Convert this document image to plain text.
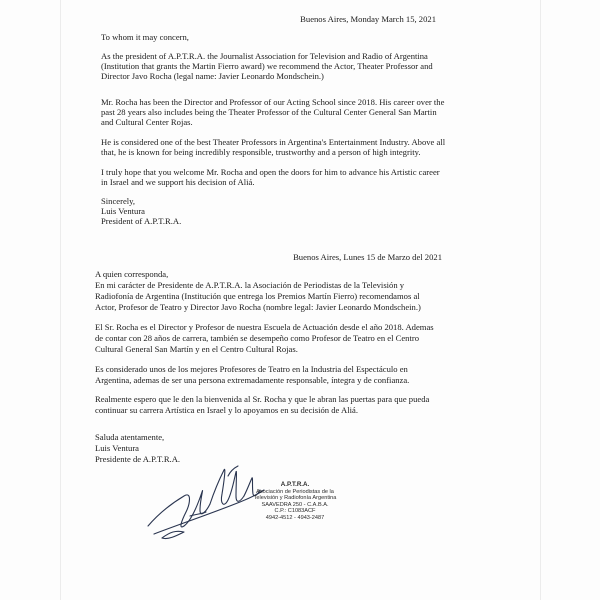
Buenos Aires, Monday March 15, 2021
To whom it may concern,
As the president of A.P.T.R.A. the Journalist Association for Television and Radio of Argentina
(Institution that grants the Martin Fierro award) we recommend the Actor, Theater Professor and
Director Javo Rocha (legal name: Javier Leonardo Mondschein.)
Mr. Rocha has been the Director and Professor of our Acting School since 2018. His career over the
past 28 years also includes being the Theater Professor of the Cultural Center General San Martin
and Cultural Center Rojas.
He is considered one of the best Theater Professors in Argentina's Entertainment Industry. Above all
that, he is known for being incredibly responsible, trustworthy and a person of high integrity.
I truly hope that you welcome Mr. Rocha and open the doors for him to advance his Artistic career
in Israel and we support his decision of Aliá.
Sincerely,
Luis Ventura
President of A.P.T.R.A.
Buenos Aires, Lunes 15 de Marzo del 2021
A quien corresponda,
En mi carácter de Presidente de A.P.T.R.A. la Asociación de Periodistas de la Televisión y
Radiofonía de Argentina (Institución que entrega los Premios Martín Fierro) recomendamos al
Actor, Profesor de Teatro y Director Javo Rocha (nombre legal: Javier Leonardo Mondschein.)
El Sr. Rocha es el Director y Profesor de nuestra Escuela de Actuación desde el año 2018. Ademas
de contar con 28 años de carrera, también se desempeño como Profesor de Teatro en el Centro
Cultural General San Martín y en el Centro Cultural Rojas.
Es considerado unos de los mejores Profesores de Teatro en la Industria del Espectáculo en
Argentina, ademas de ser una persona extremadamente responsable, íntegra y de confianza.
Realmente espero que le den la bienvenida al Sr. Rocha y que le abran las puertas para que pueda
continuar su carrera Artística en Israel y lo apoyamos en su decisión de Aliá.
Saluda atentamente,
Luis Ventura
Presidente de A.P.T.R.A.
A.P.T.R.A.
Asociación de Periodistas de la
Televisión y Radiofonía Argentina
SAAVEDRA 250 - C.A.B.A.
C.P.: C1083ACF
4942-4512 - 4943-2487
